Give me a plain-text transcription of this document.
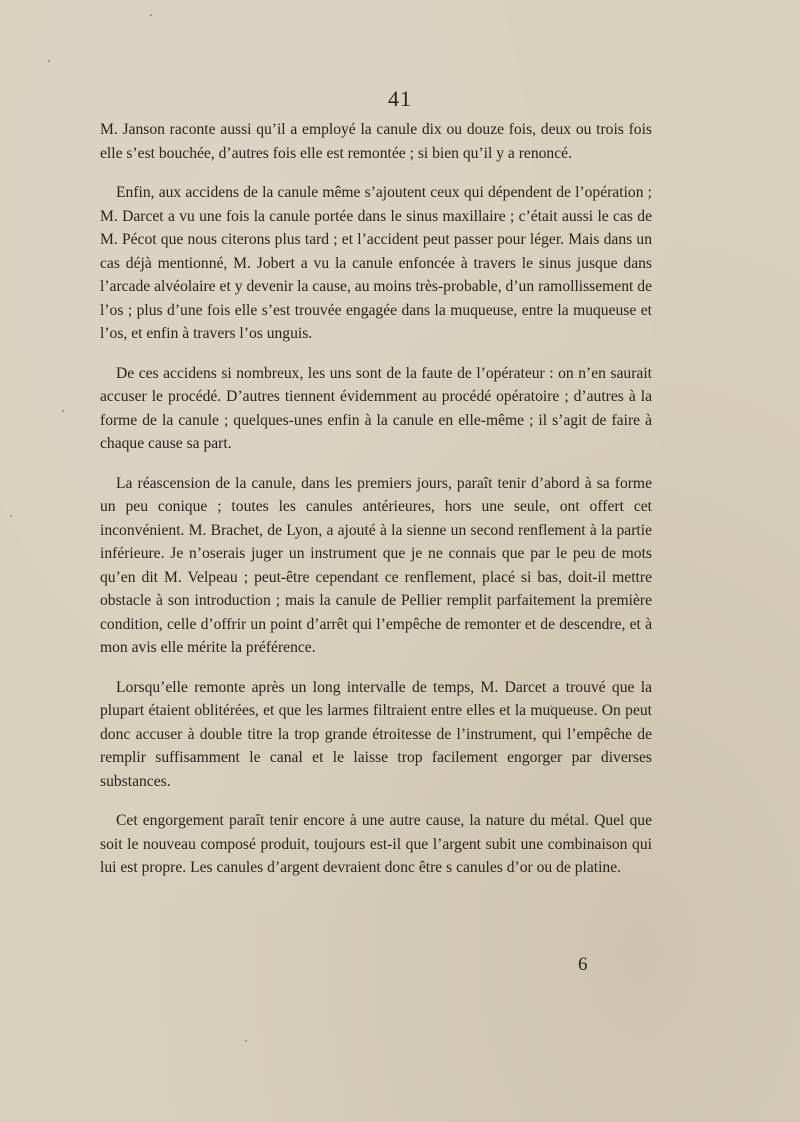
41

M. Janson raconte aussi qu’il a employé la canule dix ou douze fois, deux ou trois fois elle s’est bouchée, d’autres fois elle est remontée ; si bien qu’il y a renoncé.

Enfin, aux accidens de la canule même s’ajoutent ceux qui dépendent de l’opération ; M. Darcet a vu une fois la canule portée dans le sinus maxillaire ; c’était aussi le cas de M. Pécot que nous citerons plus tard ; et l’accident peut passer pour léger. Mais dans un cas déjà mentionné, M. Jobert a vu la canule enfoncée à travers le sinus jusque dans l’arcade alvéolaire et y devenir la cause, au moins très-probable, d’un ramollissement de l’os ; plus d’une fois elle s’est trouvée engagée dans la muqueuse, entre la muqueuse et l’os, et enfin à travers l’os unguis.

De ces accidens si nombreux, les uns sont de la faute de l’opérateur : on n’en saurait accuser le procédé. D’autres tiennent évidemment au procédé opératoire ; d’autres à la forme de la canule ; quelques-unes enfin à la canule en elle-même ; il s’agit de faire à chaque cause sa part.

La réascension de la canule, dans les premiers jours, paraît tenir d’abord à sa forme un peu conique ; toutes les canules antérieures, hors une seule, ont offert cet inconvénient. M. Brachet, de Lyon, a ajouté à la sienne un second renflement à la partie inférieure. Je n’oserais juger un instrument que je ne connais que par le peu de mots qu’en dit M. Velpeau ; peut-être cependant ce renflement, placé si bas, doit-il mettre obstacle à son introduction ; mais la canule de Pellier remplit parfaitement la première condition, celle d’offrir un point d’arrêt qui l’empêche de remonter et de descendre, et à mon avis elle mérite la préférence.

Lorsqu’elle remonte après un long intervalle de temps, M. Darcet a trouvé que la plupart étaient oblitérées, et que les larmes filtraient entre elles et la muqueuse. On peut donc accuser à double titre la trop grande étroitesse de l’instrument, qui l’empêche de remplir suffisamment le canal et le laisse trop facilement engorger par diverses substances.

Cet engorgement paraît tenir encore à une autre cause, la nature du métal. Quel que soit le nouveau composé produit, toujours est-il que l’argent subit une combinaison qui lui est propre. Les canules d’argent devraient donc être s canules d’or ou de platine.

6
